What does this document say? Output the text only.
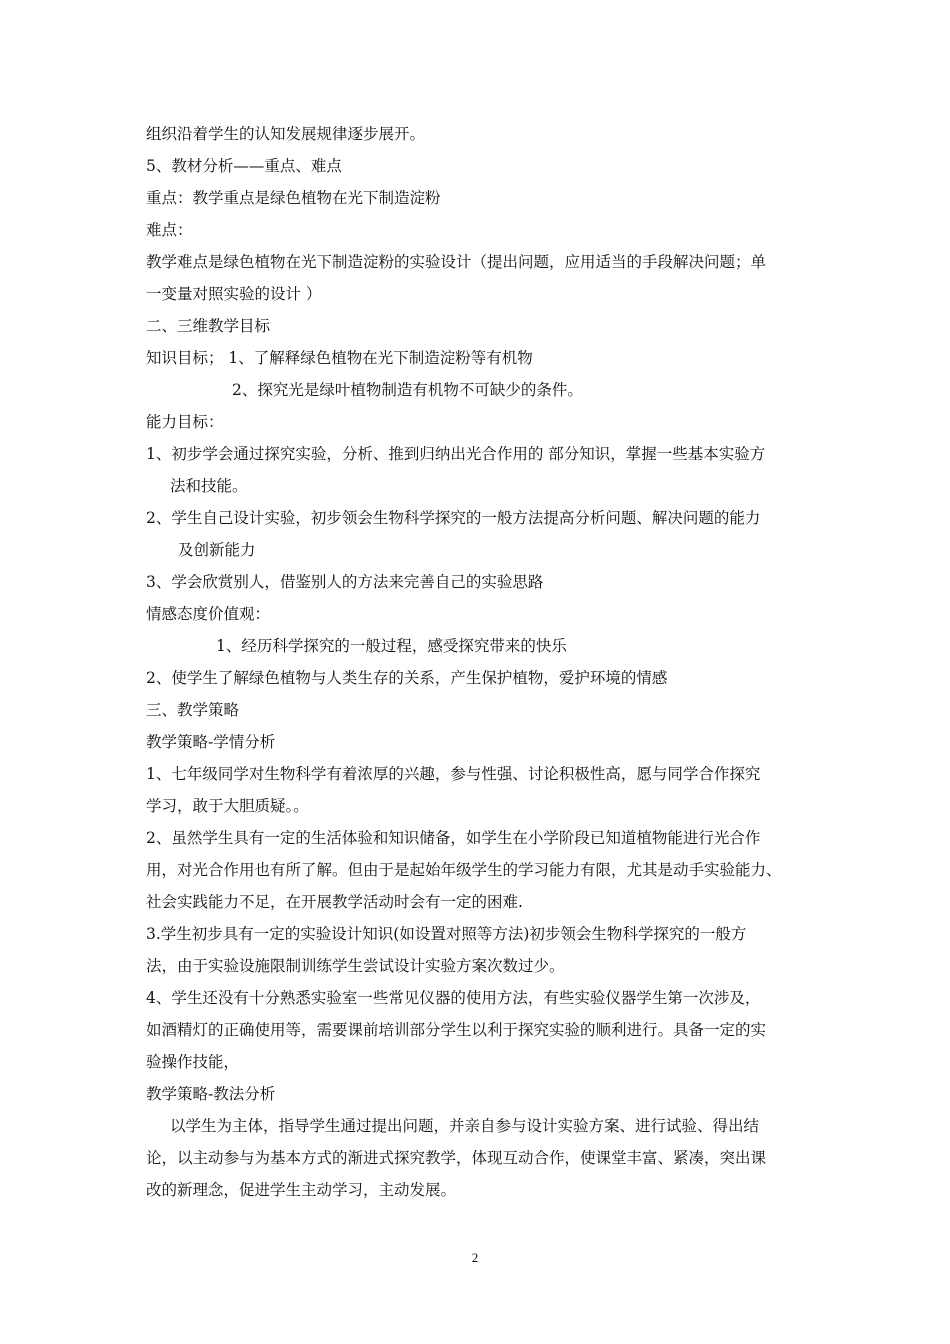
组织沿着学生的认知发展规律逐步展开。
5、教材分析——重点、难点
重点：教学重点是绿色植物在光下制造淀粉
难点：
教学难点是绿色植物在光下制造淀粉的实验设计（提出问题，应用适当的手段解决问题；单
一变量对照实验的设计 ）
二、三维教学目标
知识目标； 1、了解释绿色植物在光下制造淀粉等有机物
2、探究光是绿叶植物制造有机物不可缺少的条件。
能力目标：
1、初步学会通过探究实验，分析、推到归纳出光合作用的 部分知识，掌握一些基本实验方
法和技能。
2、学生自己设计实验，初步领会生物科学探究的一般方法提高分析问题、解决问题的能力
及创新能力
3、学会欣赏别人，借鉴别人的方法来完善自己的实验思路
情感态度价值观：
1、经历科学探究的一般过程，感受探究带来的快乐
2、使学生了解绿色植物与人类生存的关系，产生保护植物，爱护环境的情感
三、教学策略
教学策略-学情分析
1、七年级同学对生物科学有着浓厚的兴趣，参与性强、讨论积极性高，愿与同学合作探究
学习，敢于大胆质疑。。
2、虽然学生具有一定的生活体验和知识储备，如学生在小学阶段已知道植物能进行光合作
用，对光合作用也有所了解。但由于是起始年级学生的学习能力有限，尤其是动手实验能力、
社会实践能力不足，在开展教学活动时会有一定的困难.
3.学生初步具有一定的实验设计知识(如设置对照等方法)初步领会生物科学探究的一般方
法，由于实验设施限制训练学生尝试设计实验方案次数过少。
4、学生还没有十分熟悉实验室一些常见仪器的使用方法，有些实验仪器学生第一次涉及，
如酒精灯的正确使用等，需要课前培训部分学生以利于探究实验的顺利进行。具备一定的实
验操作技能，
教学策略-教法分析
以学生为主体，指导学生通过提出问题，并亲自参与设计实验方案、进行试验、得出结
论，以主动参与为基本方式的渐进式探究教学，体现互动合作，使课堂丰富、紧凑，突出课
改的新理念，促进学生主动学习，主动发展。
2
